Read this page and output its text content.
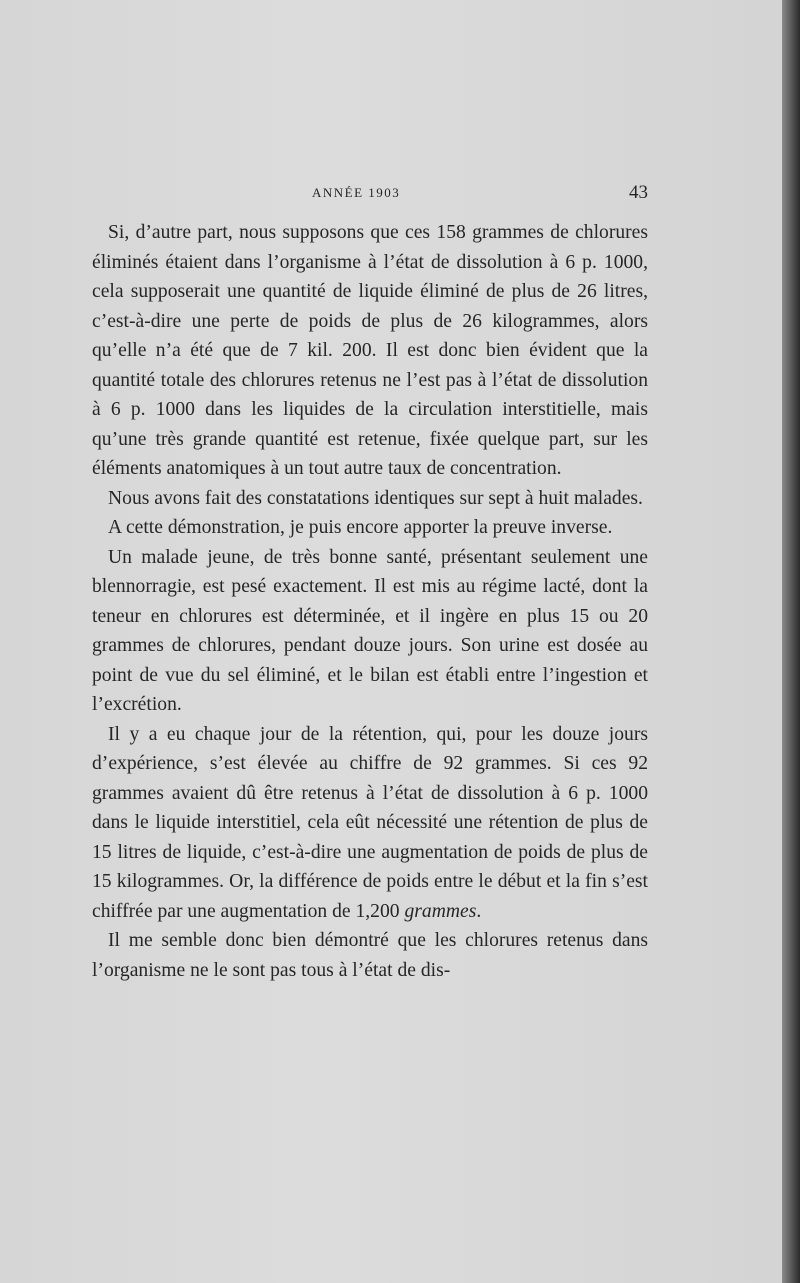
ANNÉE 1903	43

Si, d’autre part, nous supposons que ces 158 grammes de chlorures éliminés étaient dans l’organisme à l’état de dissolution à 6 p. 1000, cela supposerait une quantité de liquide éliminé de plus de 26 litres, c’est-à-dire une perte de poids de plus de 26 kilogrammes, alors qu’elle n’a été que de 7 kil. 200. Il est donc bien évident que la quantité totale des chlorures retenus ne l’est pas à l’état de dissolution à 6 p. 1000 dans les liquides de la circulation interstitielle, mais qu’une très grande quantité est retenue, fixée quelque part, sur les éléments anatomiques à un tout autre taux de concentration.

Nous avons fait des constatations identiques sur sept à huit malades.

A cette démonstration, je puis encore apporter la preuve inverse.

Un malade jeune, de très bonne santé, présentant seulement une blennorragie, est pesé exactement. Il est mis au régime lacté, dont la teneur en chlorures est déterminée, et il ingère en plus 15 ou 20 grammes de chlorures, pendant douze jours. Son urine est dosée au point de vue du sel éliminé, et le bilan est établi entre l’ingestion et l’excrétion.

Il y a eu chaque jour de la rétention, qui, pour les douze jours d’expérience, s’est élevée au chiffre de 92 grammes. Si ces 92 grammes avaient dû être retenus à l’état de dissolution à 6 p. 1000 dans le liquide interstitiel, cela eût nécessité une rétention de plus de 15 litres de liquide, c’est-à-dire une augmentation de poids de plus de 15 kilogrammes. Or, la différence de poids entre le début et la fin s’est chiffrée par une augmentation de 1,200 grammes.

Il me semble donc bien démontré que les chlorures retenus dans l’organisme ne le sont pas tous à l’état de dis-
